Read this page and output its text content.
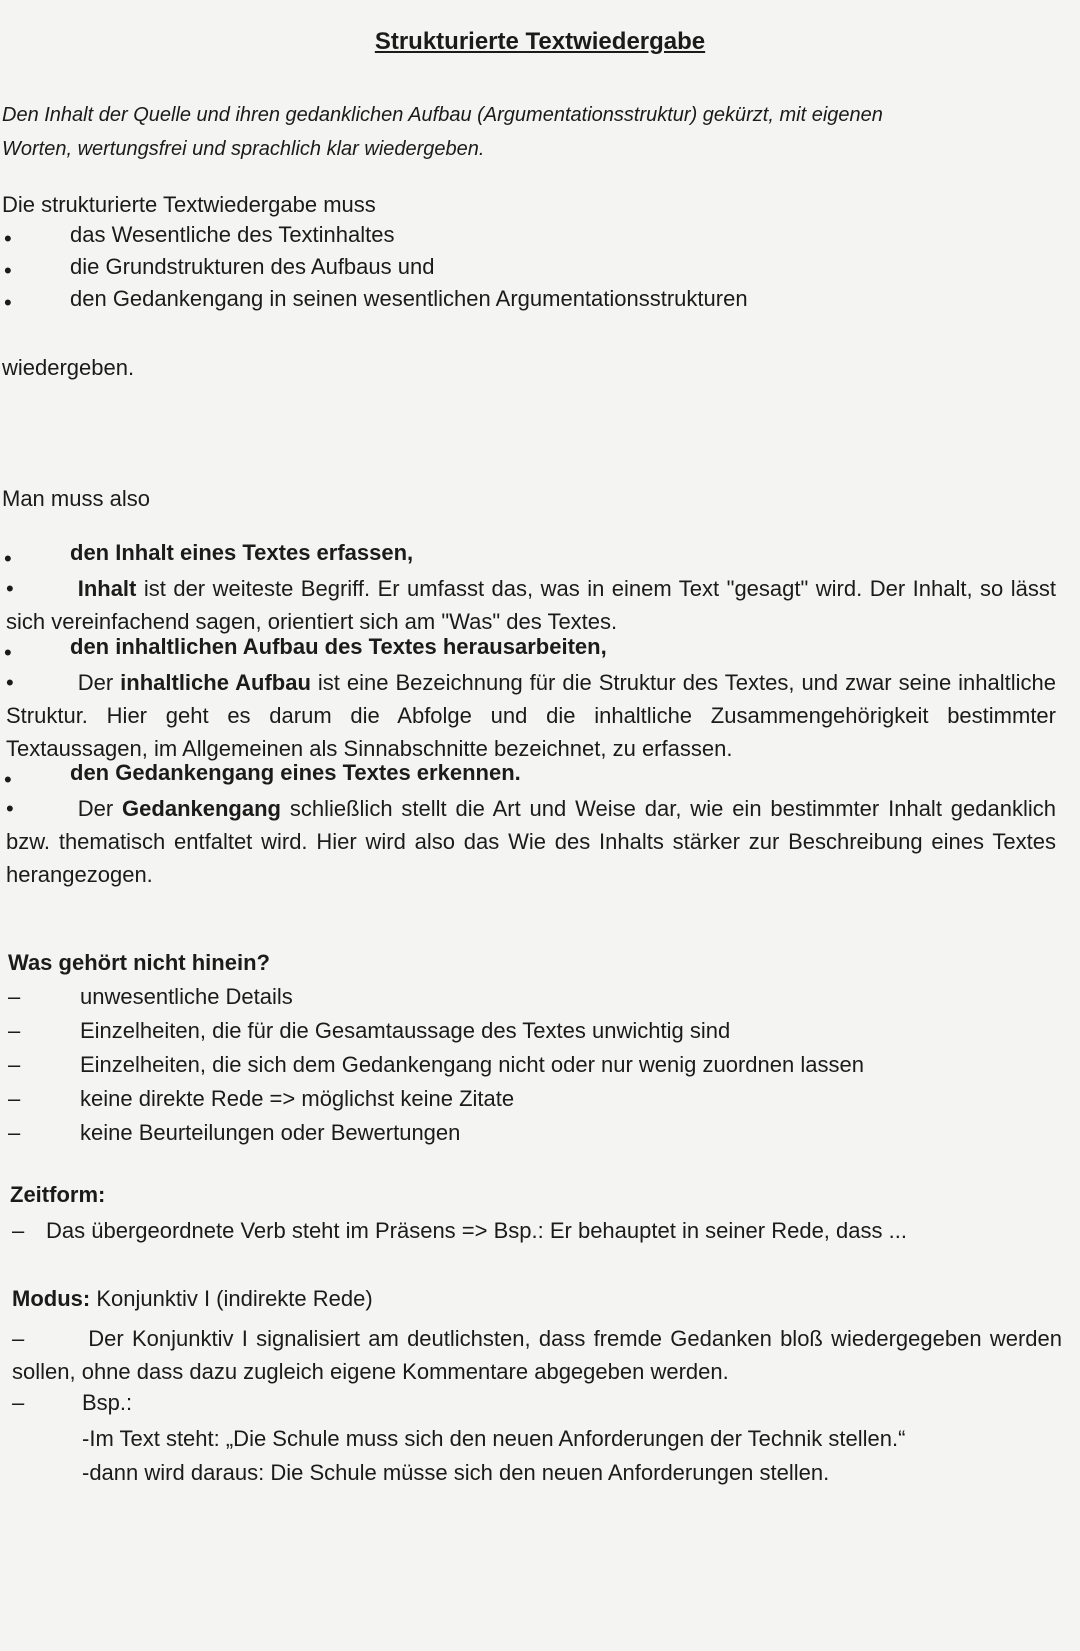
Strukturierte Textwiedergabe
Den Inhalt der Quelle und ihren gedanklichen Aufbau (Argumentationsstruktur) gekürzt, mit eigenen
Worten, wertungsfrei und sprachlich klar wiedergeben.
Die strukturierte Textwiedergabe muss
•	das Wesentliche des Textinhaltes
•	die Grundstrukturen des Aufbaus und
•	den Gedankengang in seinen wesentlichen Argumentationsstrukturen
wiedergeben.
Man muss also
•	den Inhalt eines Textes erfassen,
•	Inhalt ist der weiteste Begriff. Er umfasst das, was in einem Text "gesagt" wird. Der Inhalt, so lässt sich vereinfachend sagen, orientiert sich am "Was" des Textes.
•	den inhaltlichen Aufbau des Textes herausarbeiten,
•	Der inhaltliche Aufbau ist eine Bezeichnung für die Struktur des Textes, und zwar seine inhaltliche Struktur. Hier geht es darum die Abfolge und die inhaltliche Zusammengehörigkeit bestimmter Textaussagen, im Allgemeinen als Sinnabschnitte bezeichnet, zu erfassen.
•	den Gedankengang eines Textes erkennen.
•	Der Gedankengang schließlich stellt die Art und Weise dar, wie ein bestimmter Inhalt gedanklich bzw. thematisch entfaltet wird. Hier wird also das Wie des Inhalts stärker zur Beschreibung eines Textes herangezogen.
Was gehört nicht hinein?
–	unwesentliche Details
–	Einzelheiten, die für die Gesamtaussage des Textes unwichtig sind
–	Einzelheiten, die sich dem Gedankengang nicht oder nur wenig zuordnen lassen
–	keine direkte Rede => möglichst keine Zitate
–	keine Beurteilungen oder Bewertungen
Zeitform:
– Das übergeordnete Verb steht im Präsens => Bsp.: Er behauptet in seiner Rede, dass ...
Modus: Konjunktiv I (indirekte Rede)
–	Der Konjunktiv I signalisiert am deutlichsten, dass fremde Gedanken bloß wiedergegeben werden sollen, ohne dass dazu zugleich eigene Kommentare abgegeben werden.
–	Bsp.:
-Im Text steht: „Die Schule muss sich den neuen Anforderungen der Technik stellen.“
-dann wird daraus: Die Schule müsse sich den neuen Anforderungen stellen.
